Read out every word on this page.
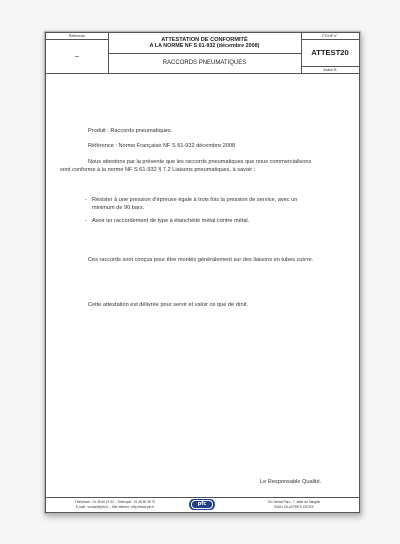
Référence
–
ATTESTATION DE CONFORMITÉ
A LA NORME NF S 61-932 (décembre 2008)
RACCORDS PNEUMATIQUES
FICHE n°
ATTEST20
Indice B
Produit : Raccords pneumatiques.
Référence : Norme Française NF S 61-932 décembre 2008
Nous attestons par la présente que les raccords pneumatiques que nous commercialisons sont conforme à la norme NF S 61-932 § 7.2 Liaisons pneumatiques, à savoir :
- Résister à une pression d'épreuve égale à trois fois la pression de service, avec un minimum de 90 bars.
- Avoir un raccordement de type à étanchéité métal contre métal.
Ces raccords sont conçus pour être montés généralement sur des liaisons en tubes cuivre.
Cette attestation est délivrée pour servir et valoir ce que de droit.
Le Responsable Qualité.
Téléphone : 01 48 60 15 32 – Télécopie : 01 48 60 28 70
E-mail : contact@pfc.fr – Site internet : http://www.pfc.fr	pfc	ZA Central Parc - 7, allée du Sanglier
93421 VILLEPINTE CEDEX
